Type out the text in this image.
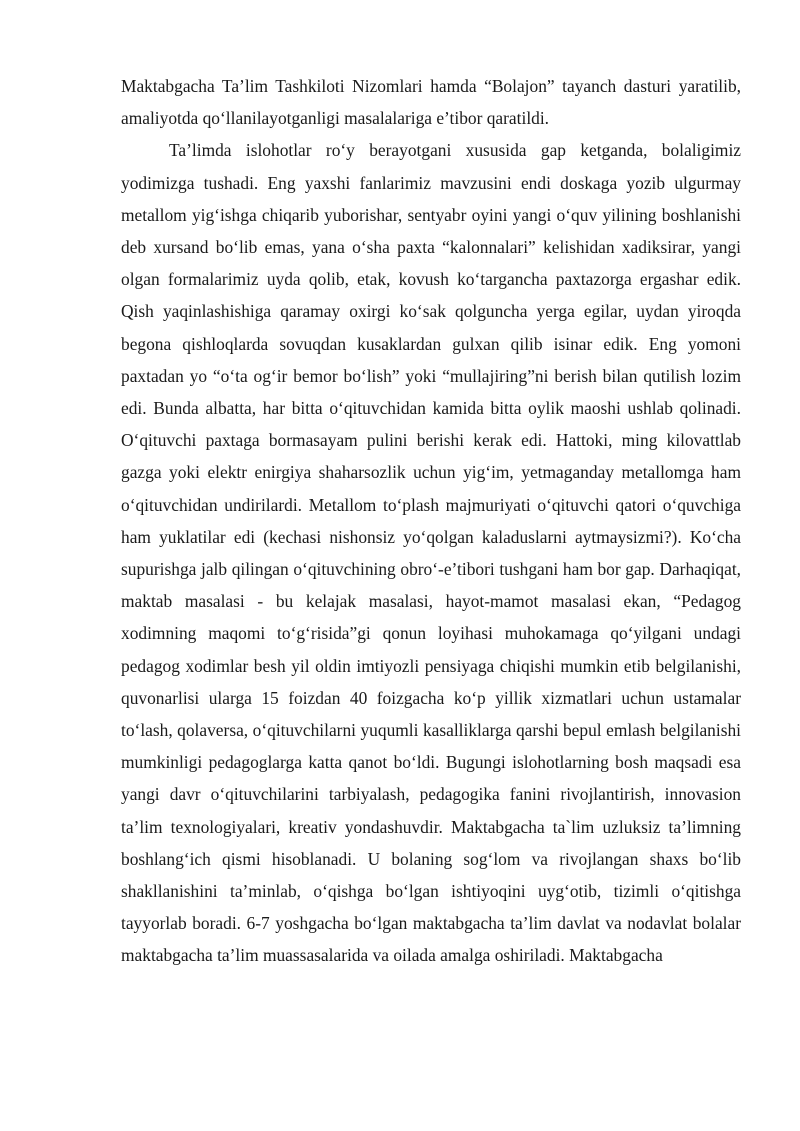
Maktabgacha Ta’lim Tashkiloti Nizomlari hamda “Bolajon” tayanch dasturi yaratilib, amaliyotda qo‘llanilayotganligi masalalariga e’tibor qaratildi.

Ta’limda islohotlar ro‘y berayotgani xususida gap ketganda, bolaligimiz yodimizga tushadi. Eng yaxshi fanlarimiz mavzusini endi doskaga yozib ulgurmay metallom yig‘ishga chiqarib yuborishar, sentyabr oyini yangi o‘quv yilining boshlanishi deb xursand bo‘lib emas, yana o‘sha paxta “kalonnalari” kelishidan xadiksirar, yangi olgan formalarimiz uyda qolib, etak, kovush ko‘targancha paxtazorga ergashar edik. Qish yaqinlashishiga qaramay oxirgi ko‘sak qolguncha yerga egilar, uydan yiroqda begona qishloqlarda sovuqdan kusaklardan gulxan qilib isinar edik. Eng yomoni paxtadan yo “o‘ta og‘ir bemor bo‘lish” yoki “mullajiring”ni berish bilan qutilish lozim edi. Bunda albatta, har bitta o‘qituvchidan kamida bitta oylik maoshi ushlab qolinadi. O‘qituvchi paxtaga bormasayam pulini berishi kerak edi. Hattoki, ming kilovattlab gazga yoki elektr enirgiya shaharsozlik uchun yig‘im, yetmaganday metallomga ham o‘qituvchidan undirilardi. Metallom to‘plash majmuriyati o‘qituvchi qatori o‘quvchiga ham yuklatilar edi (kechasi nishonsiz yo‘qolgan kaladuslarni aytmaysizmi?). Ko‘cha supurishga jalb qilingan o‘qituvchining obro‘-e’tibori tushgani ham bor gap. Darhaqiqat, maktab masalasi - bu kelajak masalasi, hayot-mamot masalasi ekan, “Pedagog xodimning maqomi to‘g‘risida”gi qonun loyihasi muhokamaga qo‘yilgani undagi pedagog xodimlar besh yil oldin imtiyozli pensiyaga chiqishi mumkin etib belgilanishi, quvonarlisi ularga 15 foizdan 40 foizgacha ko‘p yillik xizmatlari uchun ustamalar to‘lash, qolaversa, o‘qituvchilarni yuqumli kasalliklarga qarshi bepul emlash belgilanishi mumkinligi pedagoglarga katta qanot bo‘ldi. Bugungi islohotlarning bosh maqsadi esa yangi davr o‘qituvchilarini tarbiyalash, pedagogika fanini rivojlantirish, innovasion ta’lim texnologiyalari, kreativ yondashuvdir. Maktabgacha ta`lim uzluksiz ta’limning boshlang‘ich qismi hisoblanadi. U bolaning sog‘lom va rivojlangan shaxs bo‘lib shakllanishini ta’minlab, o‘qishga bo‘lgan ishtiyoqini uyg‘otib, tizimli o‘qitishga tayyorlab boradi. 6-7 yoshgacha bo‘lgan maktabgacha ta’lim davlat va nodavlat bolalar maktabgacha ta’lim muassasalarida va oilada amalga oshiriladi. Maktabgacha
